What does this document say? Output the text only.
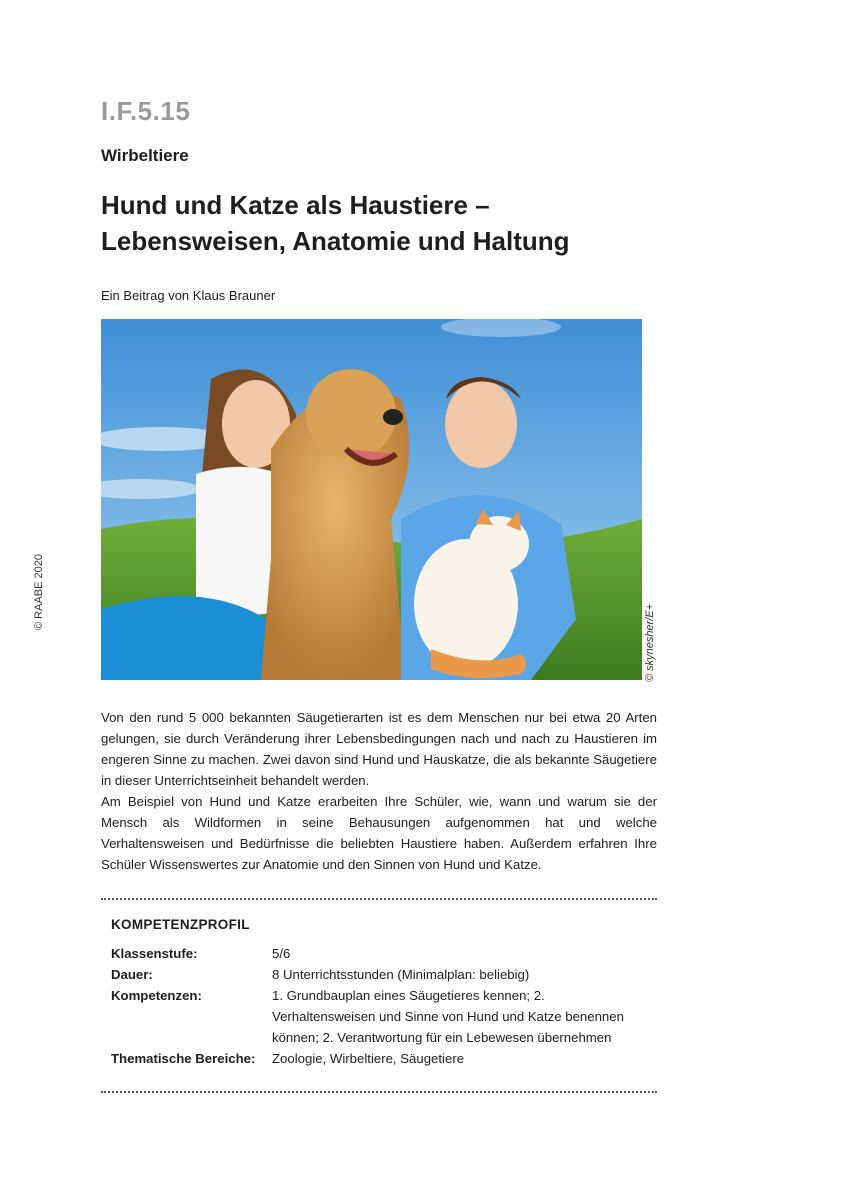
I.F.5.15
Wirbeltiere
Hund und Katze als Haustiere –
Lebensweisen, Anatomie und Haltung
Ein Beitrag von Klaus Brauner
© skynesher/E+
© RAABE 2020

Von den rund 5 000 bekannten Säugetierarten ist es dem Menschen nur bei etwa 20 Arten gelungen, sie durch Veränderung ihrer Lebensbedingungen nach und nach zu Haustieren im engeren Sinne zu machen. Zwei davon sind Hund und Hauskatze, die als bekannte Säugetiere in dieser Unterrichtseinheit behandelt werden.

Am Beispiel von Hund und Katze erarbeiten Ihre Schüler, wie, wann und warum sie der Mensch als Wildformen in seine Behausungen aufgenommen hat und welche Verhaltensweisen und Bedürfnisse die beliebten Haustiere haben. Außerdem erfahren Ihre Schüler Wissenswertes zur Anatomie und den Sinnen von Hund und Katze.

KOMPETENZPROFIL
Klassenstufe:	5/6
Dauer:	8 Unterrichtsstunden (Minimalplan: beliebig)
Kompetenzen:	1. Grundbauplan eines Säugetieres kennen; 2. Verhaltensweisen und Sinne von Hund und Katze benennen können; 2. Verantwortung für ein Lebewesen übernehmen
Thematische Bereiche:	Zoologie, Wirbeltiere, Säugetiere
